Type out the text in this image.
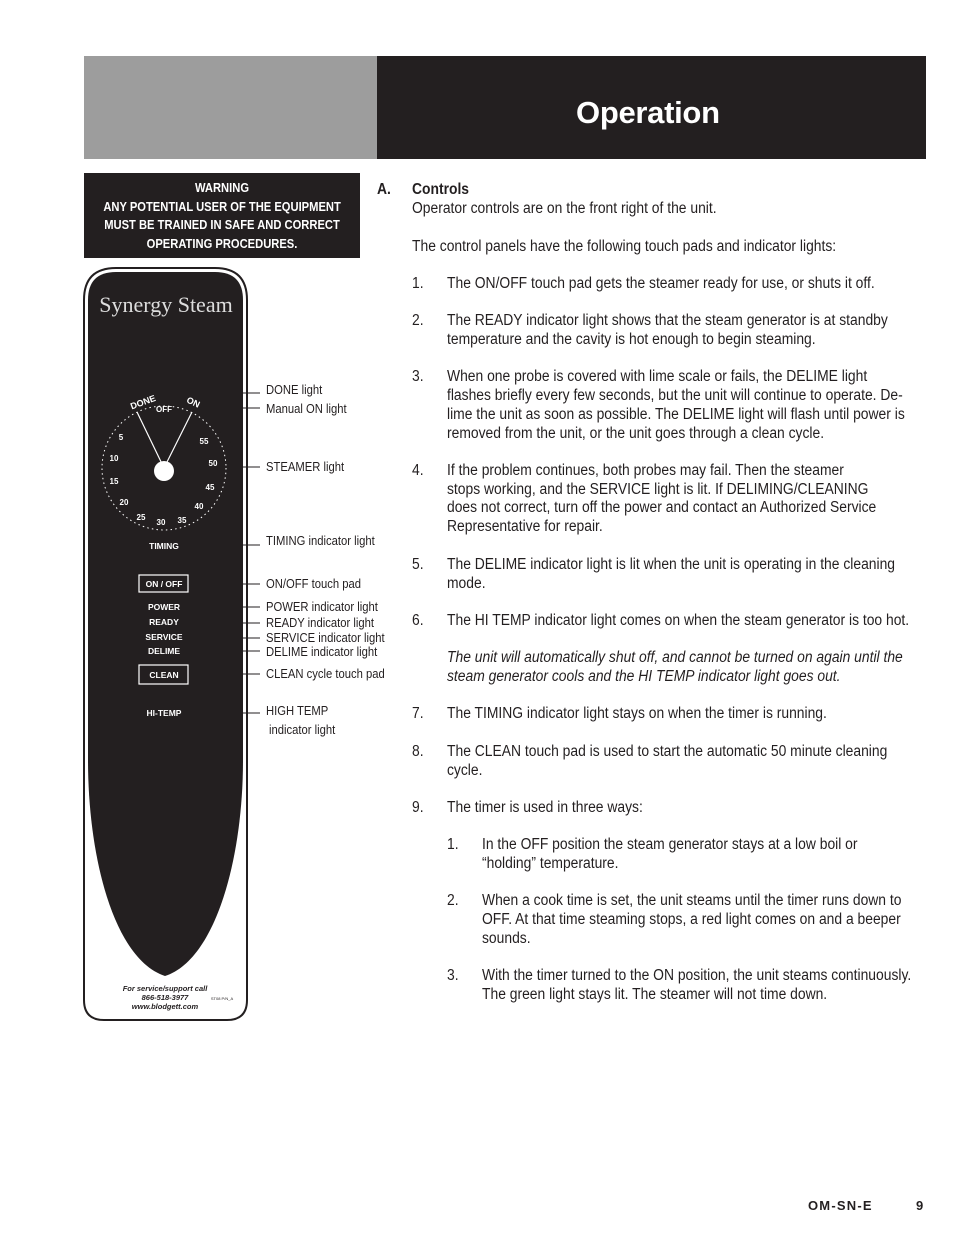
Operation
WARNING
ANY POTENTIAL USER OF THE EQUIPMENT
MUST BE TRAINED IN SAFE AND CORRECT
OPERATING PROCEDURES.
Synergy Steam
DONE	ON
OFF
5
10
15
20
25
30 35
40
45
50
55
TIMING
ON / OFF
POWER
READY
SERVICE
DELIME
CLEAN
HI-TEMP
For service/support call
866-518-3977
www.blodgett.com
ST08 P/N_A
DONE light
Manual ON light
STEAMER light
TIMING indicator light
ON/OFF touch pad
POWER indicator light
READY indicator light
SERVICE indicator light
DELIME indicator light
CLEAN cycle touch pad
HIGH TEMP
indicator light
A. Controls
Operator controls are on the front right of the unit.
The control panels have the following touch pads and indicator lights:
1. The ON/OFF touch pad gets the steamer ready for use, or shuts it off.
2. The READY indicator light shows that the steam generator is at standby
temperature and the cavity is hot enough to begin steaming.
3. When one probe is covered with lime scale or fails, the DELIME light
flashes briefly every few seconds, but the unit will continue to operate. De-
lime the unit as soon as possible. The DELIME light will flash until power is
removed from the unit, or the unit goes through a clean cycle.
4. If the problem continues, both probes may fail. Then the steamer
stops working, and the SERVICE light is lit. If DELIMING/CLEANING
does not correct, turn off the power and contact an Authorized Service
Representative for repair.
5. The DELIME indicator light is lit when the unit is operating in the cleaning
mode.
6. The HI TEMP indicator light comes on when the steam generator is too hot.
The unit will automatically shut off, and cannot be turned on again until the
steam generator cools and the HI TEMP indicator light goes out.
7. The TIMING indicator light stays on when the timer is running.
8. The CLEAN touch pad is used to start the automatic 50 minute cleaning
cycle.
9. The timer is used in three ways:
1. In the OFF position the steam generator stays at a low boil or
“holding” temperature.
2. When a cook time is set, the unit steams until the timer runs down to
OFF. At that time steaming stops, a red light comes on and a beeper
sounds.
3. With the timer turned to the ON position, the unit steams continuously.
The green light stays lit. The steamer will not time down.
OM-SN-E	9
